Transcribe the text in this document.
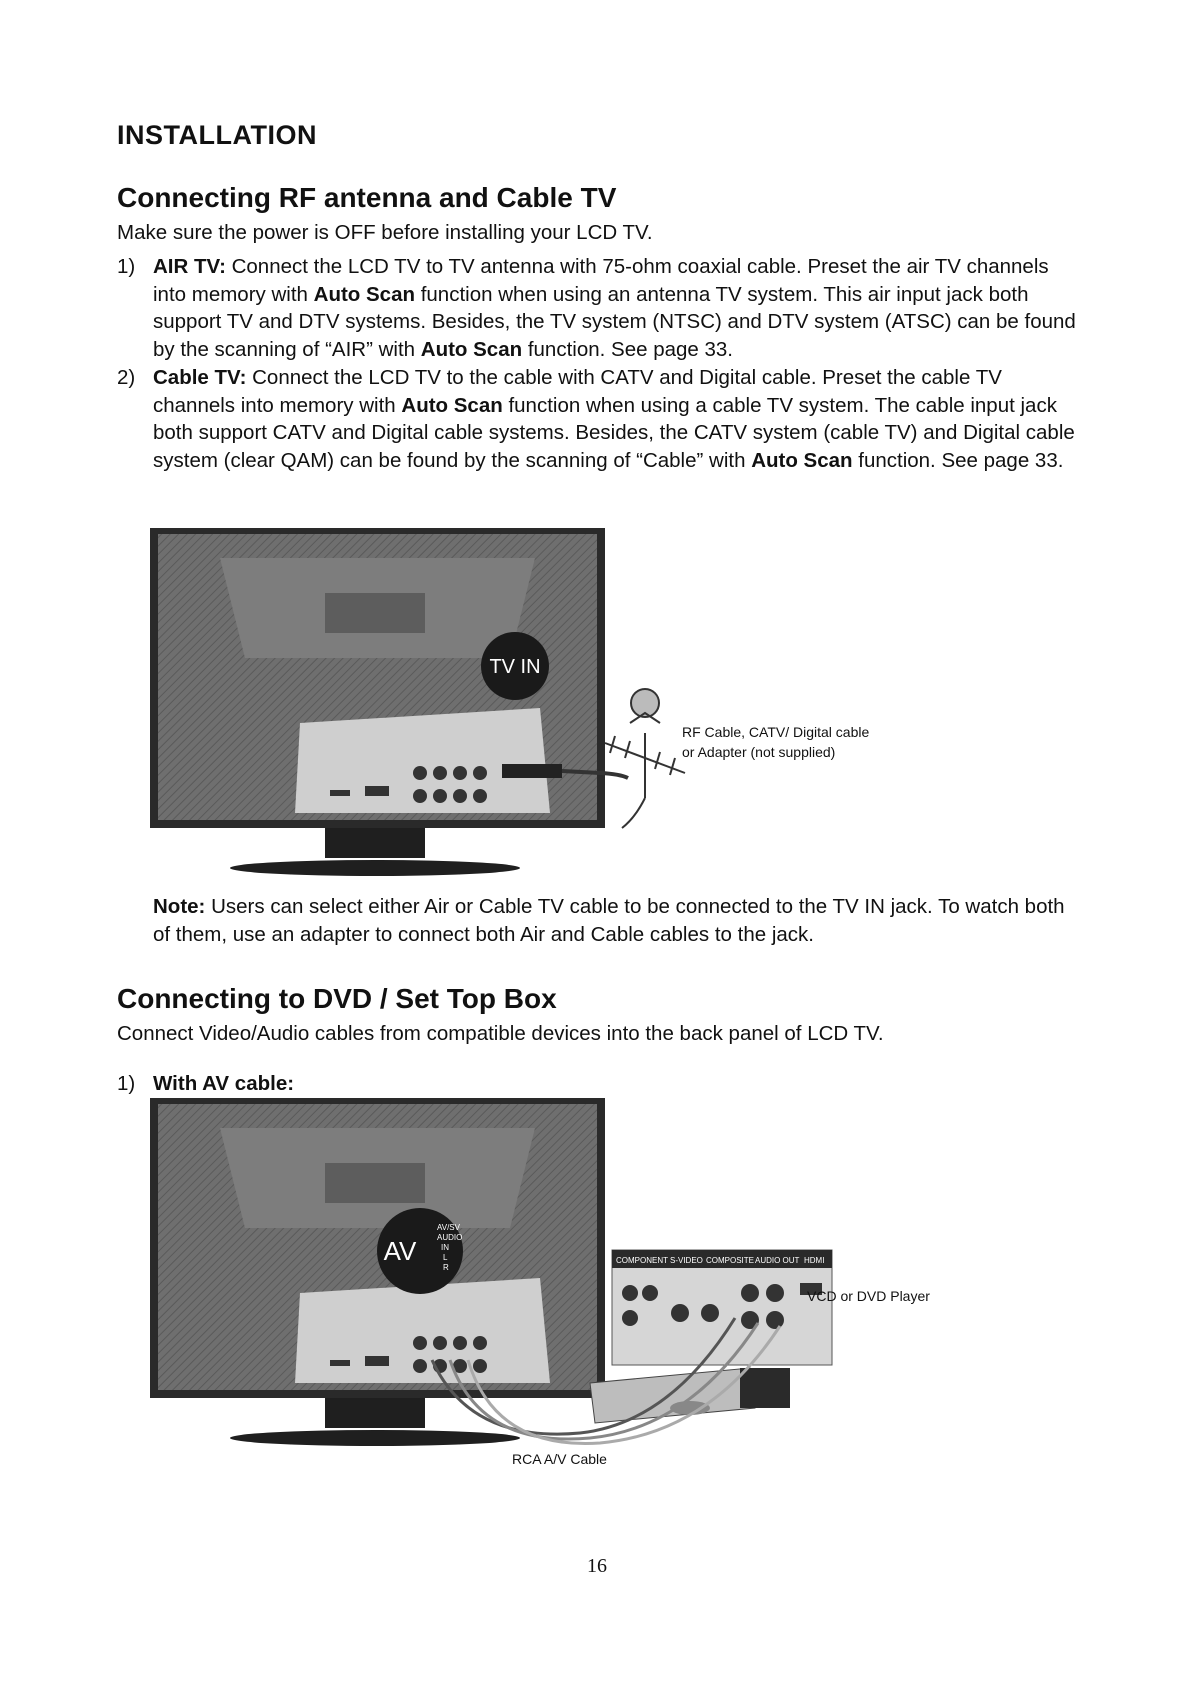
INSTALLATION
Connecting RF antenna and Cable TV
Make sure the power is OFF before installing your LCD TV.
1) AIR TV: Connect the LCD TV to TV antenna with 75-ohm coaxial cable. Preset the air TV channels into memory with Auto Scan function when using an antenna TV system. This air input jack both support TV and DTV systems. Besides, the TV system (NTSC) and DTV system (ATSC) can be found by the scanning of “AIR” with Auto Scan function. See page 33.
2) Cable TV: Connect the LCD TV to the cable with CATV and Digital cable. Preset the cable TV channels into memory with Auto Scan function when using a cable TV system. The cable input jack both support CATV and Digital cable systems. Besides, the CATV system (cable TV) and Digital cable system (clear QAM) can be found by the scanning of “Cable” with Auto Scan function. See page 33.
TV IN
RF Cable, CATV/ Digital cable
or Adapter (not supplied)
Note: Users can select either Air or Cable TV cable to be connected to the TV IN jack. To watch both of them, use an adapter to connect both Air and Cable cables to the jack.
Connecting to DVD / Set Top Box
Connect Video/Audio cables from compatible devices into the back panel of LCD TV.
1) With AV cable:
AV
AV/SV
AUDIO
IN
L
R
COMPONENT S-VIDEO COMPOSITE AUDIO OUT HDMI
VCD or DVD Player
RCA A/V Cable
16
